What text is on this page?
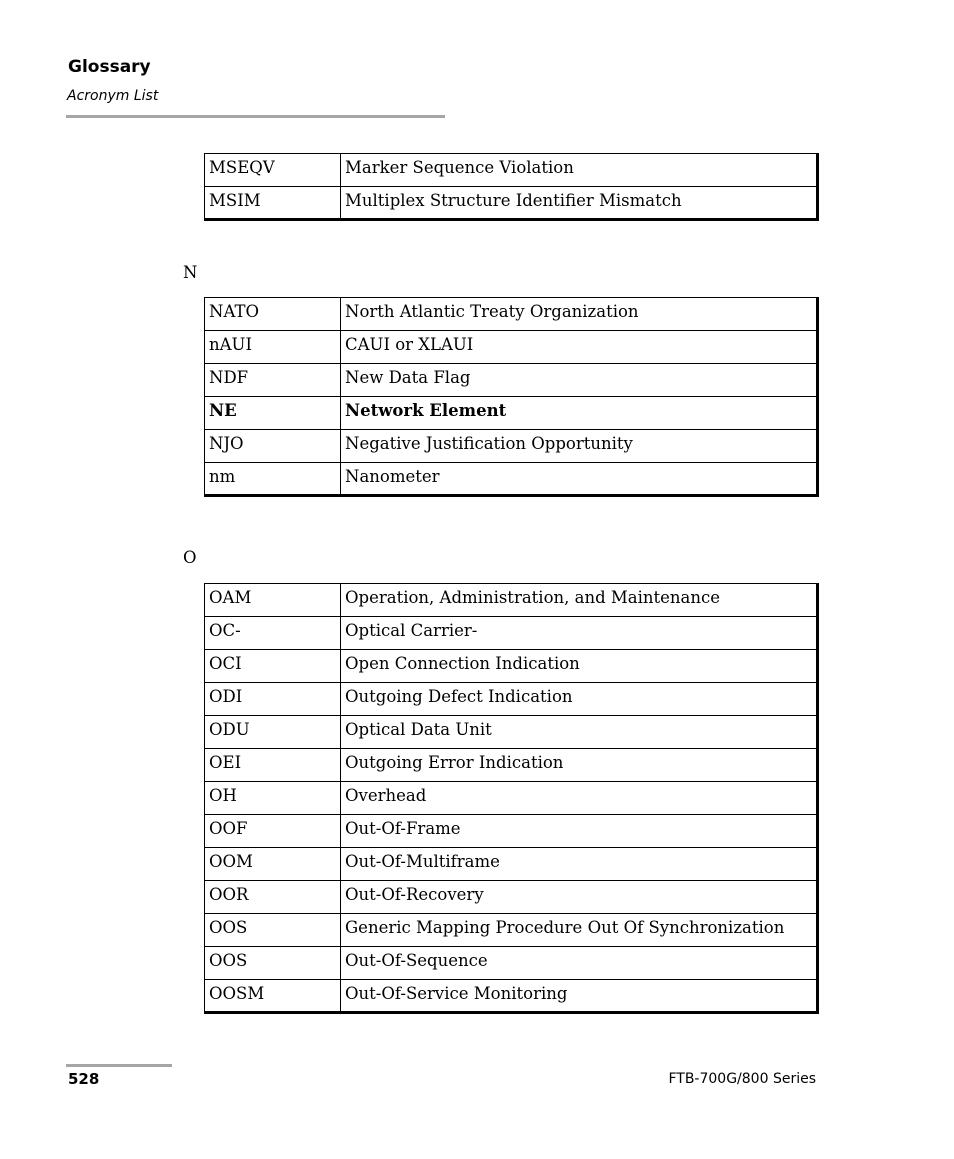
Glossary
Acronym List
MSEQV	Marker Sequence Violation
MSIM	Multiplex Structure Identifier Mismatch
N
NATO	North Atlantic Treaty Organization
nAUI	CAUI or XLAUI
NDF	New Data Flag
NE	Network Element
NJO	Negative Justification Opportunity
nm	Nanometer
O
OAM	Operation, Administration, and Maintenance
OC-	Optical Carrier-
OCI	Open Connection Indication
ODI	Outgoing Defect Indication
ODU	Optical Data Unit
OEI	Outgoing Error Indication
OH	Overhead
OOF	Out-Of-Frame
OOM	Out-Of-Multiframe
OOR	Out-Of-Recovery
OOS	Generic Mapping Procedure Out Of Synchronization
OOS	Out-Of-Sequence
OOSM	Out-Of-Service Monitoring
528	FTB-700G/800 Series
